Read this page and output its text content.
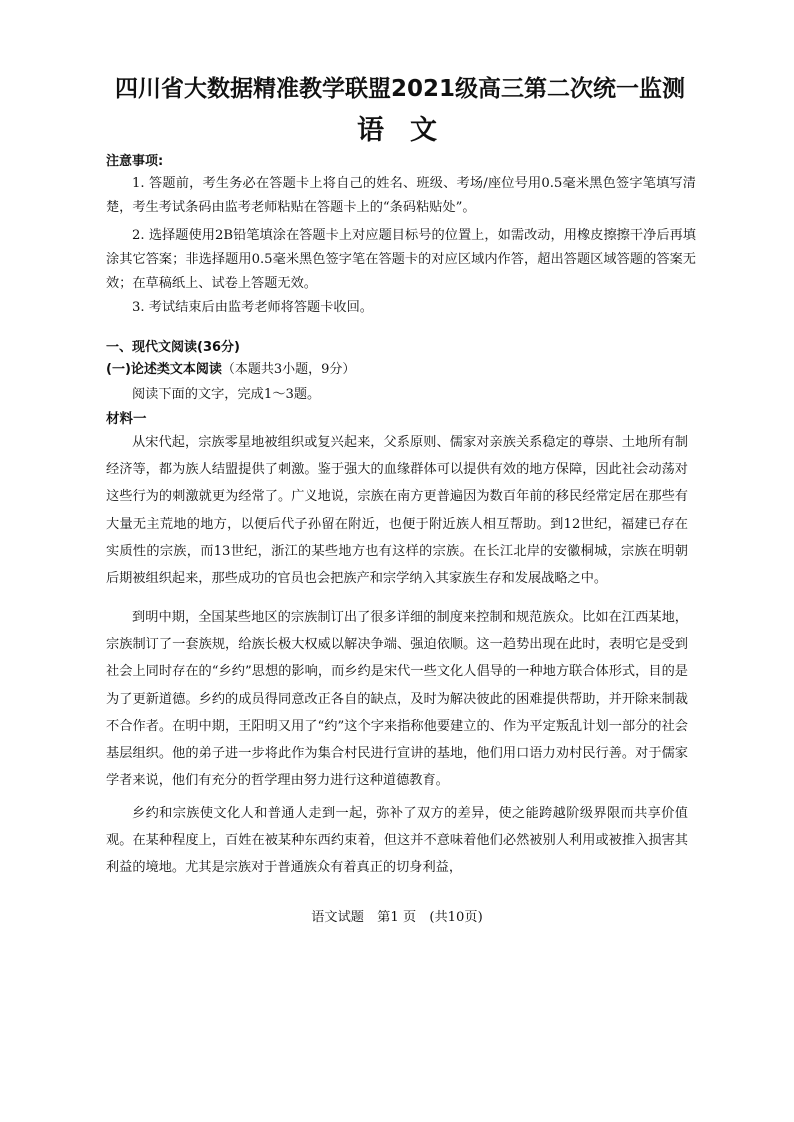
四川省大数据精准教学联盟2021级高三第二次统一监测
语文
注意事项:
1. 答题前，考生务必在答题卡上将自己的姓名、班级、考场/座位号用0.5毫米黑色签字笔填写清楚，考生考试条码由监考老师粘贴在答题卡上的“条码粘贴处”。
2. 选择题使用2B铅笔填涂在答题卡上对应题目标号的位置上，如需改动，用橡皮擦擦干净后再填涂其它答案；非选择题用0.5毫米黑色签字笔在答题卡的对应区域内作答，超出答题区域答题的答案无效；在草稿纸上、试卷上答题无效。
3. 考试结束后由监考老师将答题卡收回。
一、现代文阅读(36分)
(一)论述类文本阅读（本题共3小题，9分）
阅读下面的文字，完成1～3题。
材料一
从宋代起，宗族零星地被组织或复兴起来，父系原则、儒家对亲族关系稳定的尊崇、土地所有制经济等，都为族人结盟提供了刺激。鉴于强大的血缘群体可以提供有效的地方保障，因此社会动荡对这些行为的刺激就更为经常了。广义地说，宗族在南方更普遍因为数百年前的移民经常定居在那些有大量无主荒地的地方，以便后代子孙留在附近，也便于附近族人相互帮助。到12世纪，福建已存在实质性的宗族，而13世纪，浙江的某些地方也有这样的宗族。在长江北岸的安徽桐城，宗族在明朝后期被组织起来，那些成功的官员也会把族产和宗学纳入其家族生存和发展战略之中。
到明中期，全国某些地区的宗族制订出了很多详细的制度来控制和规范族众。比如在江西某地，宗族制订了一套族规，给族长极大权威以解决争端、强迫依顺。这一趋势出现在此时，表明它是受到社会上同时存在的“乡约”思想的影响，而乡约是宋代一些文化人倡导的一种地方联合体形式，目的是为了更新道德。乡约的成员得同意改正各自的缺点，及时为解决彼此的困难提供帮助，并开除来制裁不合作者。在明中期，王阳明又用了“约”这个字来指称他要建立的、作为平定叛乱计划一部分的社会基层组织。他的弟子进一步将此作为集合村民进行宣讲的基地，他们用口语力劝村民行善。对于儒家学者来说，他们有充分的哲学理由努力进行这种道德教育。
乡约和宗族使文化人和普通人走到一起，弥补了双方的差异，使之能跨越阶级界限而共享价值观。在某种程度上，百姓在被某种东西约束着，但这并不意味着他们必然被别人利用或被推入损害其利益的境地。尤其是宗族对于普通族众有着真正的切身利益，
语文试题　第1 页　(共10页)
